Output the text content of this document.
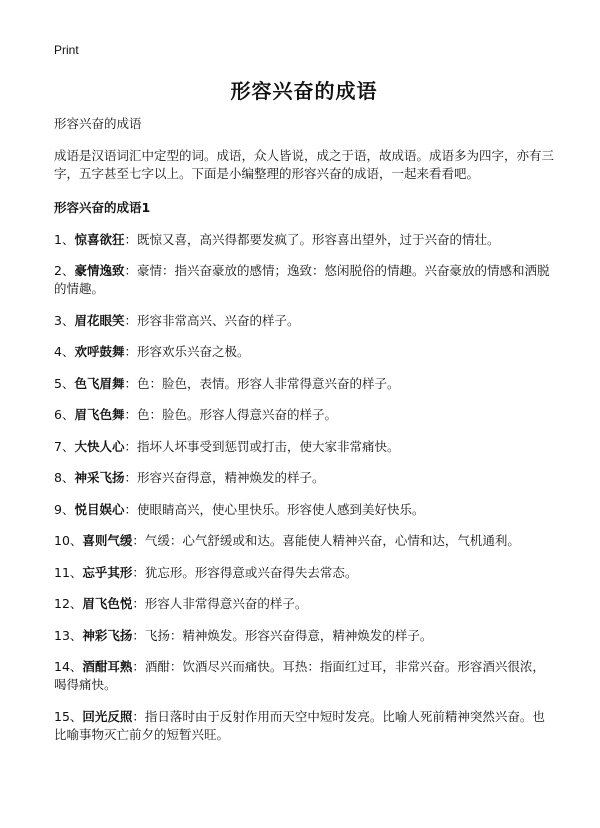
Print

形容兴奋的成语

形容兴奋的成语

成语是汉语词汇中定型的词。成语，众人皆说，成之于语，故成语。成语多为四字，亦有三字，五字甚至七字以上。下面是小编整理的形容兴奋的成语，一起来看看吧。

形容兴奋的成语1
1、惊喜欲狂：既惊又喜，高兴得都要发疯了。形容喜出望外，过于兴奋的情壮。
2、豪情逸致：豪情：指兴奋豪放的感情；逸致：悠闲脱俗的情趣。兴奋豪放的情感和洒脱的情趣。
3、眉花眼笑：形容非常高兴、兴奋的样子。
4、欢呼鼓舞：形容欢乐兴奋之极。
5、色飞眉舞：色：脸色，表情。形容人非常得意兴奋的样子。
6、眉飞色舞：色：脸色。形容人得意兴奋的样子。
7、大快人心：指坏人坏事受到惩罚或打击，使大家非常痛快。
8、神采飞扬：形容兴奋得意，精神焕发的样子。
9、悦目娱心：使眼睛高兴，使心里快乐。形容使人感到美好快乐。
10、喜则气缓：气缓：心气舒缓或和达。喜能使人精神兴奋，心情和达，气机通利。
11、忘乎其形：犹忘形。形容得意或兴奋得失去常态。
12、眉飞色悦：形容人非常得意兴奋的样子。
13、神彩飞扬：飞扬：精神焕发。形容兴奋得意，精神焕发的样子。
14、酒酣耳熟：酒酣：饮酒尽兴而痛快。耳热：指面红过耳，非常兴奋。形容酒兴很浓，喝得痛快。
15、回光反照：指日落时由于反射作用而天空中短时发亮。比喻人死前精神突然兴奋。也比喻事物灭亡前夕的短暂兴旺。
